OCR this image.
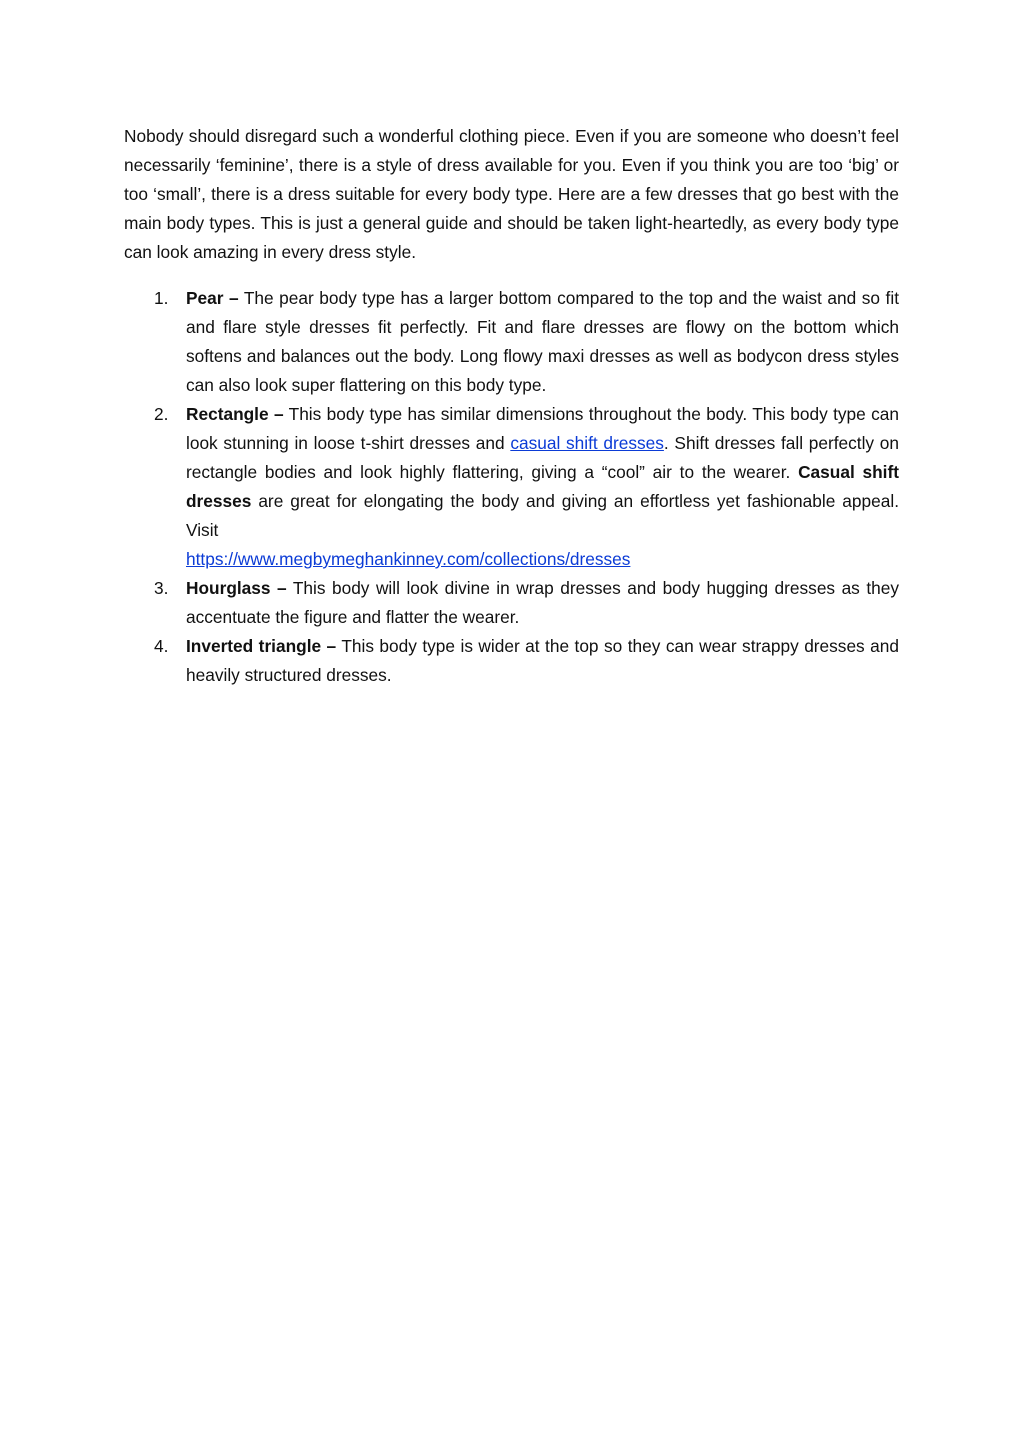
Nobody should disregard such a wonderful clothing piece. Even if you are someone who doesn’t feel necessarily ‘feminine’, there is a style of dress available for you. Even if you think you are too ‘big’ or too ‘small’, there is a dress suitable for every body type. Here are a few dresses that go best with the main body types. This is just a general guide and should be taken light-heartedly, as every body type can look amazing in every dress style.

1. Pear – The pear body type has a larger bottom compared to the top and the waist and so fit and flare style dresses fit perfectly. Fit and flare dresses are flowy on the bottom which softens and balances out the body. Long flowy maxi dresses as well as bodycon dress styles can also look super flattering on this body type.
2. Rectangle – This body type has similar dimensions throughout the body. This body type can look stunning in loose t-shirt dresses and casual shift dresses. Shift dresses fall perfectly on rectangle bodies and look highly flattering, giving a “cool” air to the wearer. Casual shift dresses are great for elongating the body and giving an effortless yet fashionable appeal. Visit
https://www.megbymeghankinney.com/collections/dresses
3. Hourglass – This body will look divine in wrap dresses and body hugging dresses as they accentuate the figure and flatter the wearer.
4. Inverted triangle – This body type is wider at the top so they can wear strappy dresses and heavily structured dresses.
